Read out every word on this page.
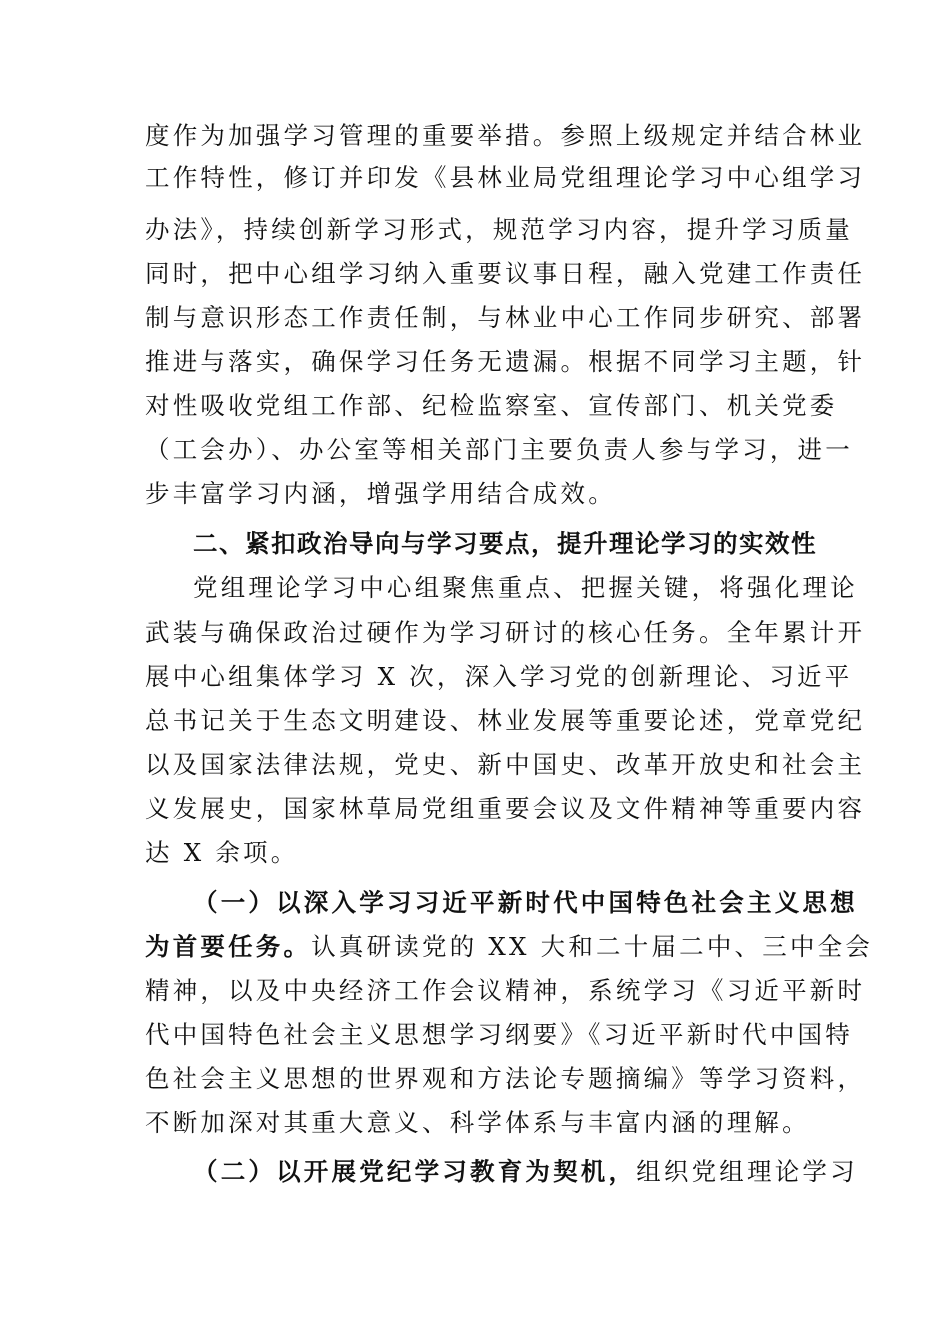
度作为加强学习管理的重要举措。参照上级规定并结合林业
工作特性，修订并印发《县林业局党组理论学习中心组学习
办法》，持续创新学习形式，规范学习内容，提升学习质量
同时，把中心组学习纳入重要议事日程，融入党建工作责任
制与意识形态工作责任制，与林业中心工作同步研究、部署
推进与落实，确保学习任务无遗漏。根据不同学习主题，针
对性吸收党组工作部、纪检监察室、宣传部门、机关党委
（工会办）、办公室等相关部门主要负责人参与学习，进一
步丰富学习内涵，增强学用结合成效。
二、紧扣政治导向与学习要点，提升理论学习的实效性
党组理论学习中心组聚焦重点、把握关键，将强化理论
武装与确保政治过硬作为学习研讨的核心任务。全年累计开
展中心组集体学习 X 次，深入学习党的创新理论、习近平
总书记关于生态文明建设、林业发展等重要论述，党章党纪
以及国家法律法规，党史、新中国史、改革开放史和社会主
义发展史，国家林草局党组重要会议及文件精神等重要内容
达 X 余项。
（一）以深入学习习近平新时代中国特色社会主义思想
为首要任务。认真研读党的 XX 大和二十届二中、三中全会
精神，以及中央经济工作会议精神，系统学习《习近平新时
代中国特色社会主义思想学习纲要》《习近平新时代中国特
色社会主义思想的世界观和方法论专题摘编》等学习资料，
不断加深对其重大意义、科学体系与丰富内涵的理解。
（二）以开展党纪学习教育为契机，组织党组理论学习
